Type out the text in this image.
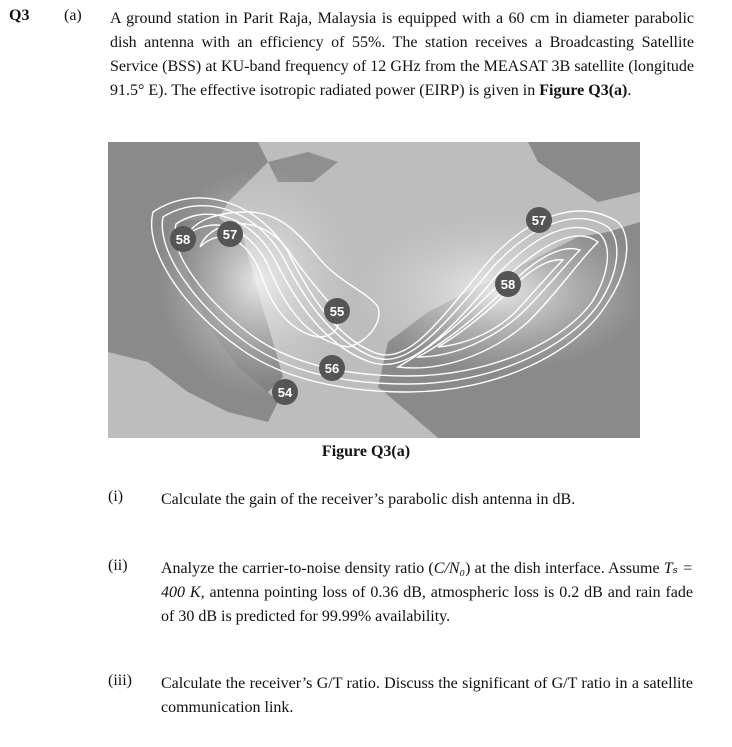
Q3 (a) A ground station in Parit Raja, Malaysia is equipped with a 60 cm in diameter parabolic dish antenna with an efficiency of 55%. The station receives a Broadcasting Satellite Service (BSS) at KU-band frequency of 12 GHz from the MEASAT 3B satellite (longitude 91.5° E). The effective isotropic radiated power (EIRP) is given in Figure Q3(a).
58	57
55
56
54
58
57
Figure Q3(a)
(i) Calculate the gain of the receiver’s parabolic dish antenna in dB.
(ii) Analyze the carrier-to-noise density ratio (C/N₀) at the dish interface. Assume Tₛ = 400 K, antenna pointing loss of 0.36 dB, atmospheric loss is 0.2 dB and rain fade of 30 dB is predicted for 99.99% availability.
(iii) Calculate the receiver’s G/T ratio. Discuss the significant of G/T ratio in a satellite communication link.
